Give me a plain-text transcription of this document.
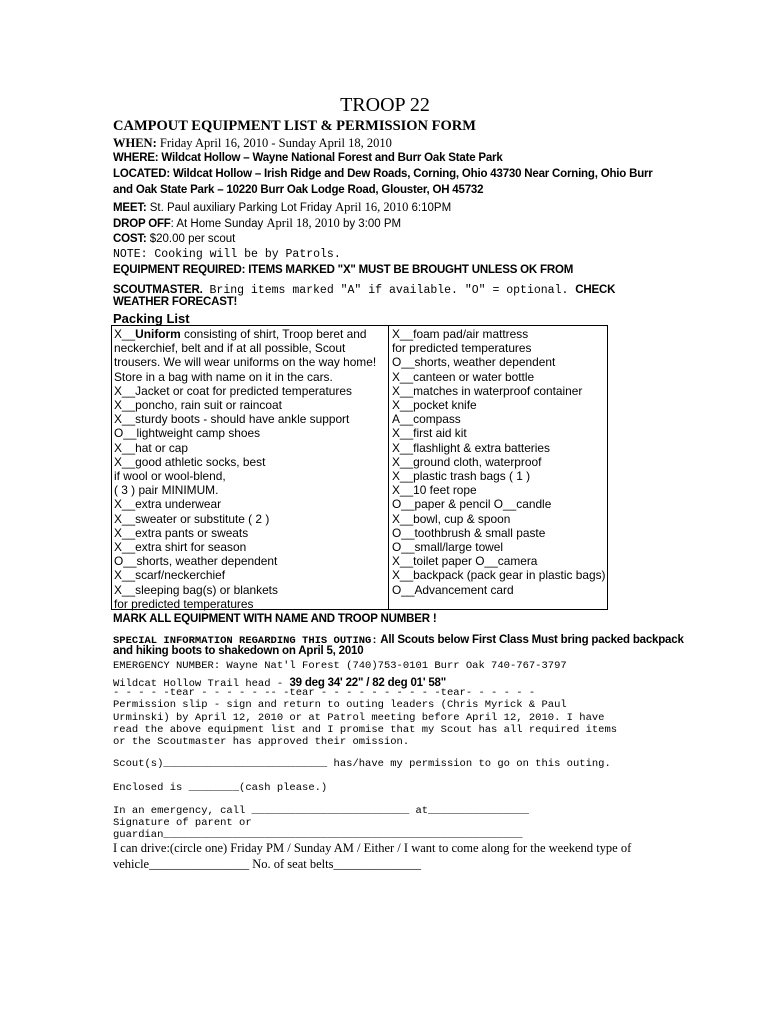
TROOP 22
CAMPOUT EQUIPMENT LIST & PERMISSION FORM
WHEN: Friday April 16, 2010 - Sunday April 18, 2010
WHERE: Wildcat Hollow – Wayne National Forest and Burr Oak State Park
LOCATED: Wildcat Hollow – Irish Ridge and Dew Roads, Corning, Ohio 43730 Near Corning, Ohio Burr
and Oak State Park – 10220 Burr Oak Lodge Road, Glouster, OH 45732
MEET: St. Paul auxiliary Parking Lot Friday April 16, 2010 6:10PM
DROP OFF: At Home Sunday April 18, 2010 by 3:00 PM
COST: $20.00 per scout
NOTE: Cooking will be by Patrols.
EQUIPMENT REQUIRED: ITEMS MARKED "X" MUST BE BROUGHT UNLESS OK FROM
SCOUTMASTER. Bring items marked "A" if available. "O" = optional. CHECK
WEATHER FORECAST!
Packing List
X__Uniform consisting of shirt, Troop beret and
neckerchief, belt and if at all possible, Scout
trousers. We will wear uniforms on the way home!
Store in a bag with name on it in the cars.
X__Jacket or coat for predicted temperatures
X__poncho, rain suit or raincoat
X__sturdy boots - should have ankle support
O__lightweight camp shoes
X__hat or cap
X__good athletic socks, best
if wool or wool-blend,
( 3 ) pair MINIMUM.
X__extra underwear
X__sweater or substitute ( 2 )
X__extra pants or sweats
X__extra shirt for season
O__shorts, weather dependent
X__scarf/neckerchief
X__sleeping bag(s) or blankets
for predicted temperatures
X__foam pad/air mattress
for predicted temperatures
O__shorts, weather dependent
X__canteen or water bottle
X__matches in waterproof container
X__pocket knife
A__compass
X__first aid kit
X__flashlight & extra batteries
X__ground cloth, waterproof
X__plastic trash bags ( 1 )
X__10 feet rope
O__paper & pencil O__candle
X__bowl, cup & spoon
O__toothbrush & small paste
O__small/large towel
X__toilet paper O__camera
X__backpack (pack gear in plastic bags)
O__Advancement card
MARK ALL EQUIPMENT WITH NAME AND TROOP NUMBER !
SPECIAL INFORMATION REGARDING THIS OUTING: All Scouts below First Class Must bring packed backpack
and hiking boots to shakedown on April 5, 2010
EMERGENCY NUMBER: Wayne Nat'l Forest (740)753-0101 Burr Oak 740-767-3797
Wildcat Hollow Trail head - 39 deg 34' 22" / 82 deg 01' 58"
- - - - -tear - - - - - -- -tear - - - - - - - - - -tear- - - - - -
Permission slip - sign and return to outing leaders (Chris Myrick & Paul
Urminski) by April 12, 2010 or at Patrol meeting before April 12, 2010. I have
read the above equipment list and I promise that my Scout has all required items
or the Scoutmaster has approved their omission.
Scout(s)__________________________ has/have my permission to go on this outing.
Enclosed is ________(cash please.)
In an emergency, call _________________________ at________________
Signature of parent or
guardian_________________________________________________________
I can drive:(circle one) Friday PM / Sunday AM / Either / I want to come along for the weekend type of
vehicle________________ No. of seat belts______________
